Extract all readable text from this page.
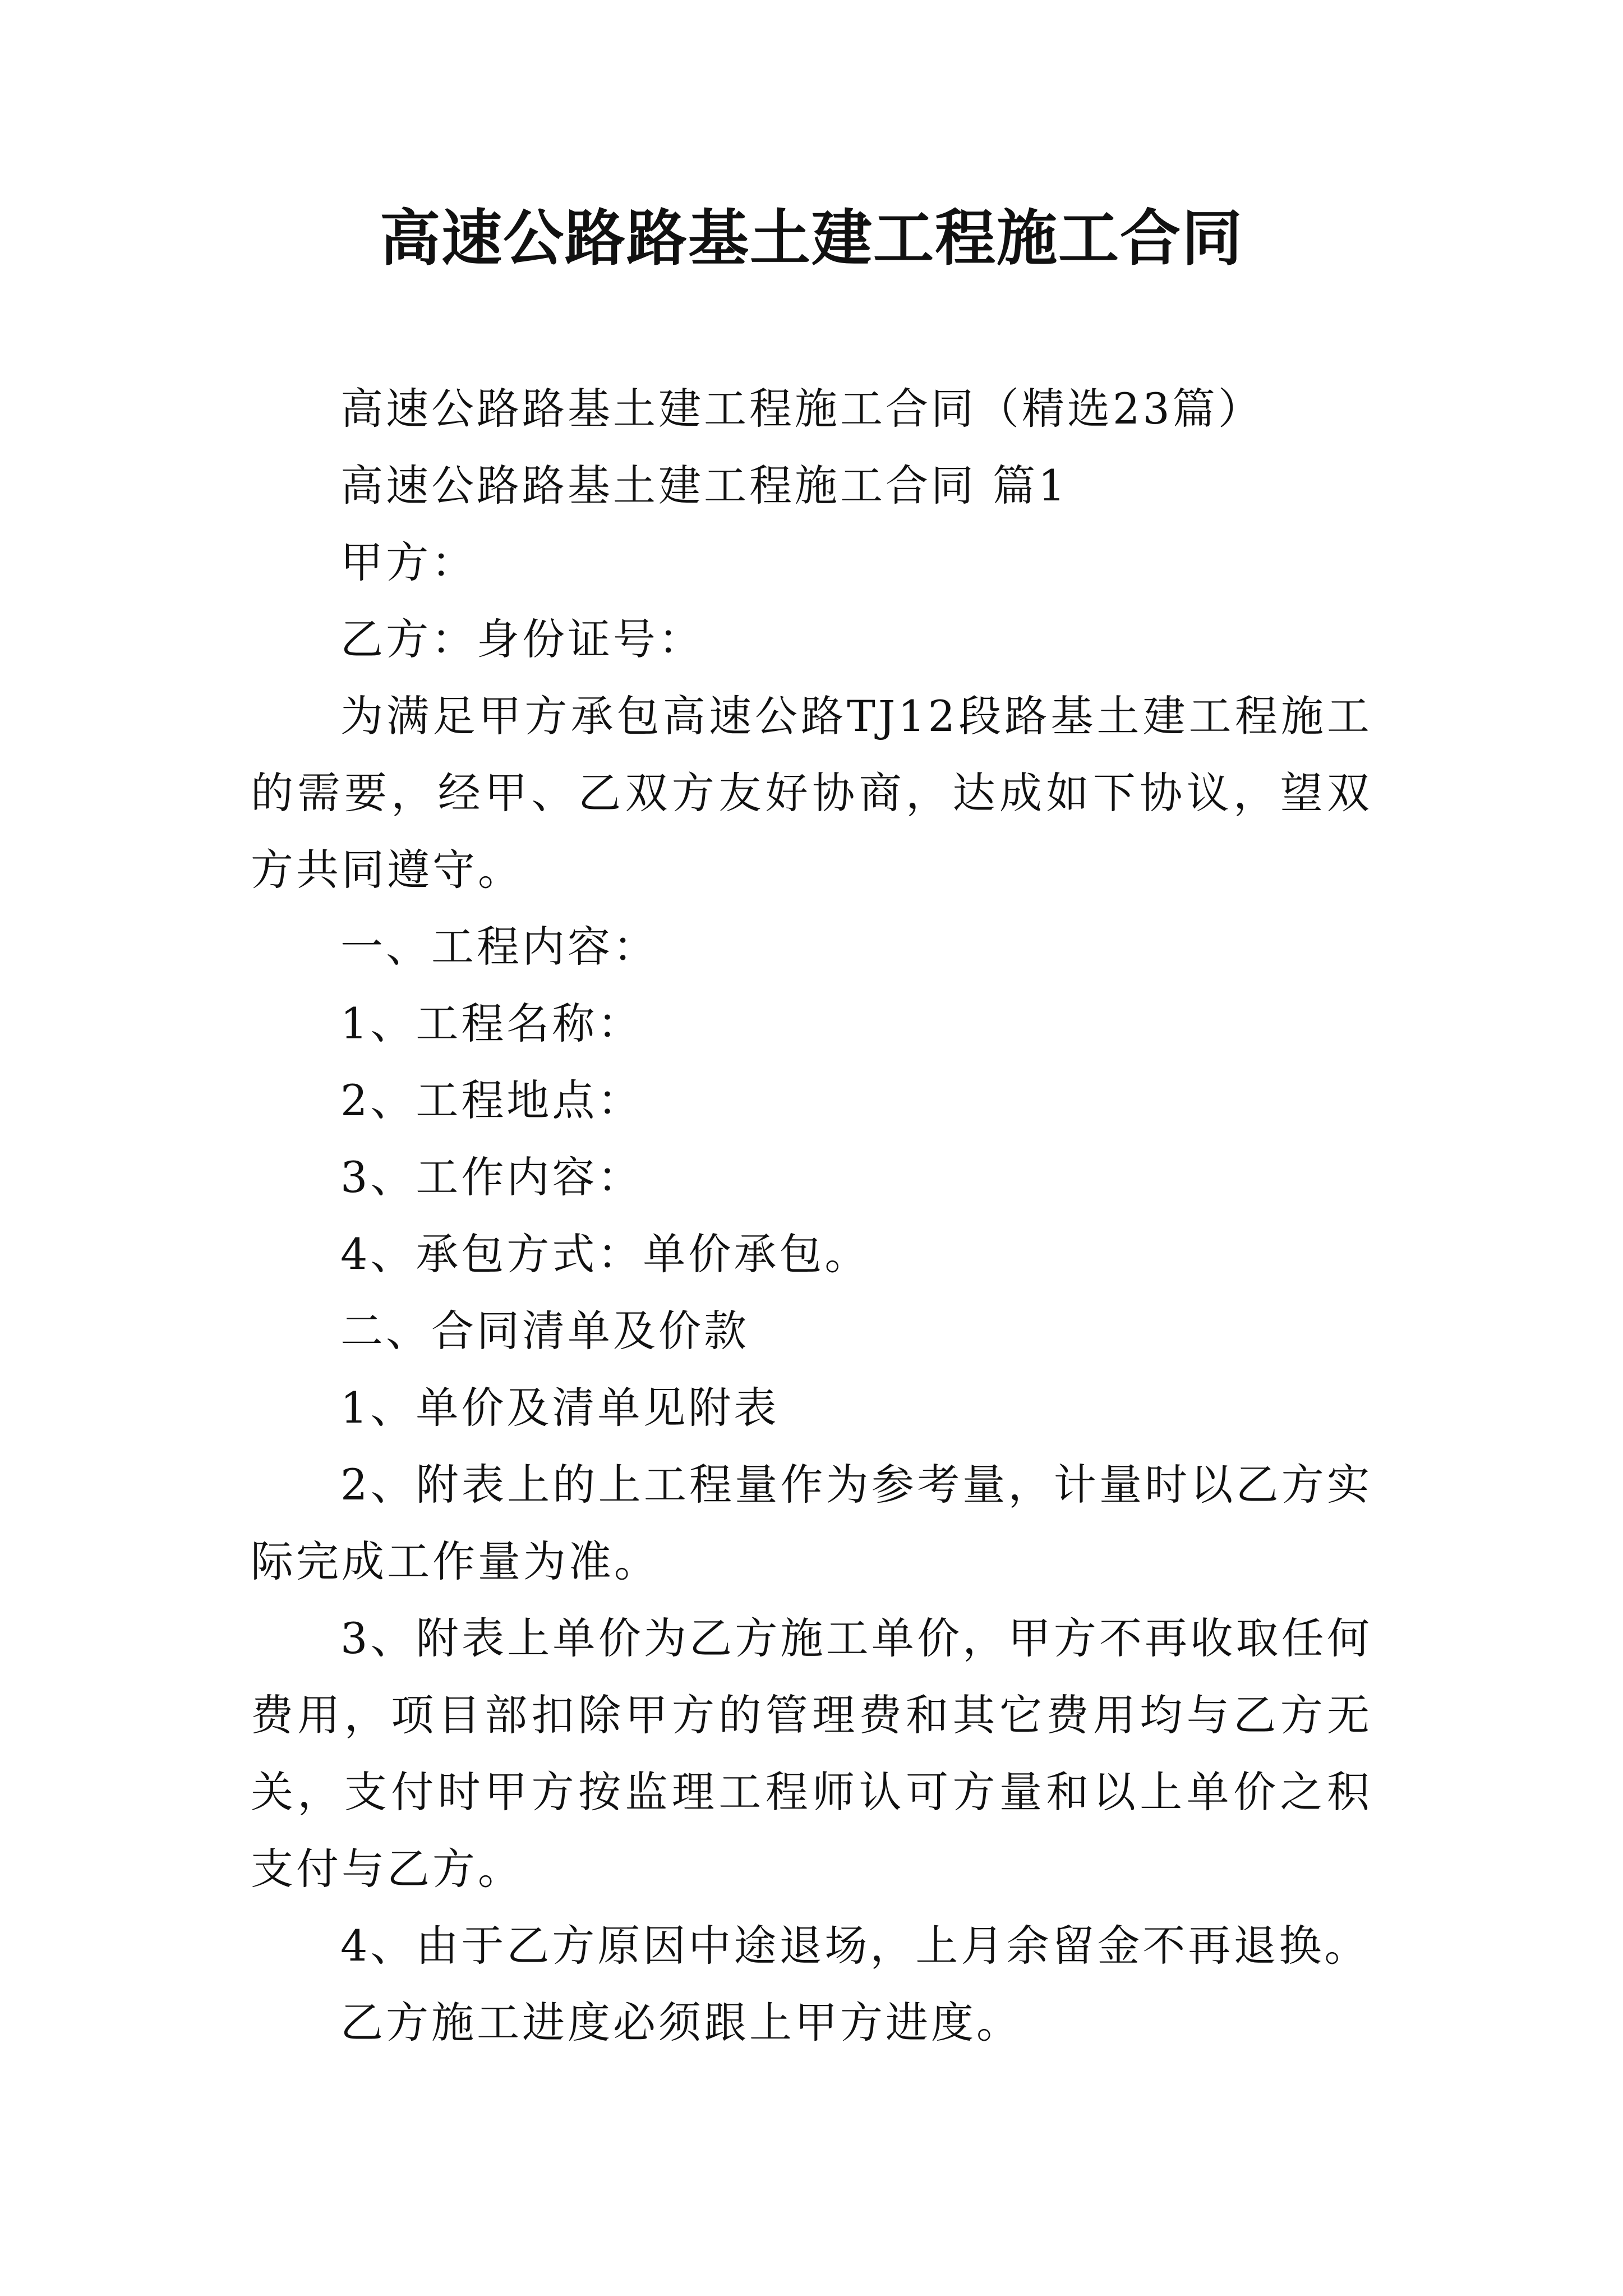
高速公路路基土建工程施工合同

高速公路路基土建工程施工合同（精选23篇）

高速公路路基土建工程施工合同 篇1

甲方：

乙方：身份证号：

为满足甲方承包高速公路TJ12段路基土建工程施工的需要，经甲、乙双方友好协商，达成如下协议，望双方共同遵守。

一、工程内容：

1、工程名称：

2、工程地点：

3、工作内容：

4、承包方式：单价承包。

二、合同清单及价款

1、单价及清单见附表

2、附表上的上工程量作为参考量，计量时以乙方实际完成工作量为准。

3、附表上单价为乙方施工单价，甲方不再收取任何费用，项目部扣除甲方的管理费和其它费用均与乙方无关，支付时甲方按监理工程师认可方量和以上单价之积支付与乙方。

4、由于乙方原因中途退场，上月余留金不再退换。

乙方施工进度必须跟上甲方进度。
